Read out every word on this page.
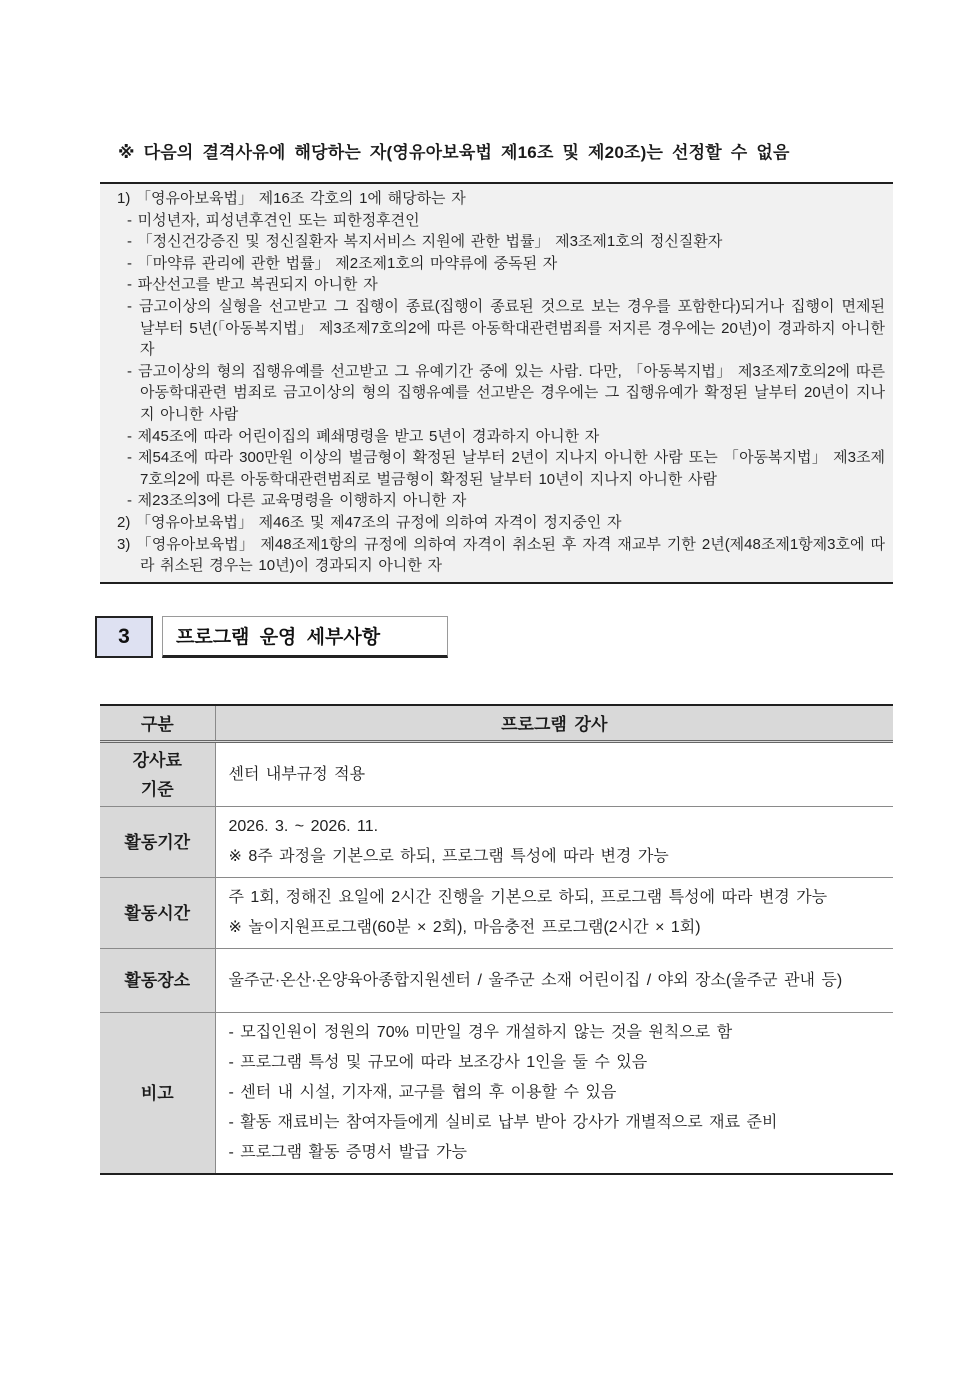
※ 다음의 결격사유에 해당하는 자(영유아보육법 제16조 및 제20조)는 선정할 수 없음
1) 「영유아보육법」 제16조 각호의 1에 해당하는 자
- 미성년자, 피성년후견인 또는 피한정후견인
- 「정신건강증진 및 정신질환자 복지서비스 지원에 관한 법률」 제3조제1호의 정신질환자
- 「마약류 관리에 관한 법률」 제2조제1호의 마약류에 중독된 자
- 파산선고를 받고 복권되지 아니한 자
- 금고이상의 실형을 선고받고 그 집행이 종료(집행이 종료된 것으로 보는 경우를 포함한다)되거나 집행이 면제된 날부터 5년(「아동복지법」 제3조제7호의2에 따른 아동학대관련범죄를 저지른 경우에는 20년)이 경과하지 아니한 자
- 금고이상의 형의 집행유예를 선고받고 그 유예기간 중에 있는 사람. 다만, 「아동복지법」 제3조제7호의2에 따른 아동학대관련 범죄로 금고이상의 형의 집행유예를 선고받은 경우에는 그 집행유예가 확정된 날부터 20년이 지나지 아니한 사람
- 제45조에 따라 어린이집의 폐쇄명령을 받고 5년이 경과하지 아니한 자
- 제54조에 따라 300만원 이상의 벌금형이 확정된 날부터 2년이 지나지 아니한 사람 또는 「아동복지법」 제3조제7호의2에 따른 아동학대관련범죄로 벌금형이 확정된 날부터 10년이 지나지 아니한 사람
- 제23조의3에 다른 교육명령을 이행하지 아니한 자
2) 「영유아보육법」 제46조 및 제47조의 규정에 의하여 자격이 정지중인 자
3) 「영유아보육법」 제48조제1항의 규정에 의하여 자격이 취소된 후 자격 재교부 기한 2년(제48조제1항제3호에 따라 취소된 경우는 10년)이 경과되지 아니한 자
3	프로그램 운영 세부사항
구분	프로그램 강사

강사료
기준	센터 내부규정 적용

활동기간	2026. 3. ~ 2026. 11.
※ 8주 과정을 기본으로 하되, 프로그램 특성에 따라 변경 가능

활동시간	주 1회, 정해진 요일에 2시간 진행을 기본으로 하되, 프로그램 특성에 따라 변경 가능
※ 놀이지원프로그램(60분 × 2회), 마음충전 프로그램(2시간 × 1회)

활동장소	울주군·온산·온양육아종합지원센터 / 울주군 소재 어린이집 / 야외 장소(울주군 관내 등)

비고	- 모집인원이 정원의 70% 미만일 경우 개설하지 않는 것을 원칙으로 함
- 프로그램 특성 및 규모에 따라 보조강사 1인을 둘 수 있음
- 센터 내 시설, 기자재, 교구를 협의 후 이용할 수 있음
- 활동 재료비는 참여자들에게 실비로 납부 받아 강사가 개별적으로 재료 준비
- 프로그램 활동 증명서 발급 가능
